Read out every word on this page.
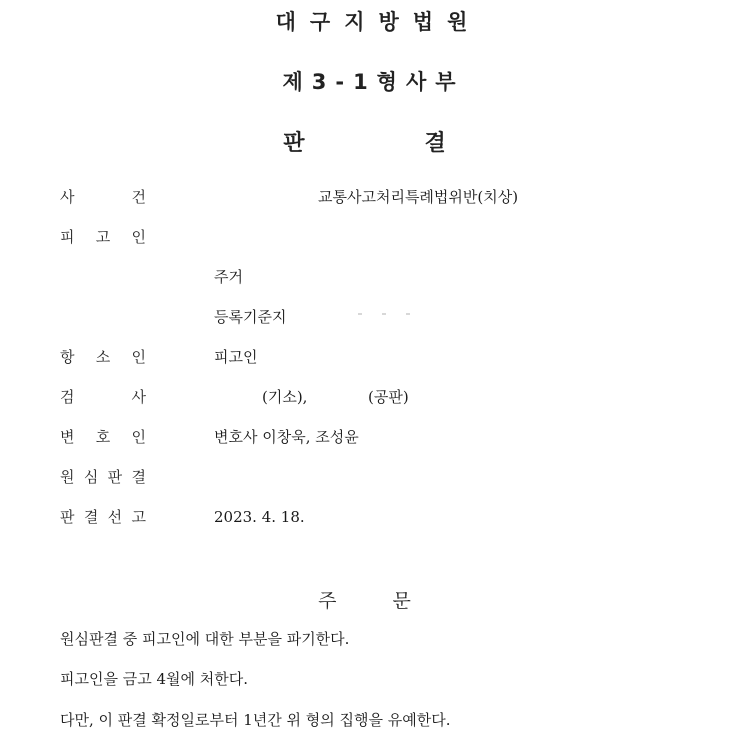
대구지방법원
제3-1형사부
판	결
사	건	교통사고처리특례법위반(치상)
피 고 인
주거
등록기준지
항 소 인	피고인
검	사	(기소),	(공판)
변 호 인	변호사 이창욱, 조성윤
원 심 판 결
판 결 선 고	2023. 4. 18.
주	문
원심판결 중 피고인에 대한 부분을 파기한다.
피고인을 금고 4월에 처한다.
다만, 이 판결 확정일로부터 1년간 위 형의 집행을 유예한다.
